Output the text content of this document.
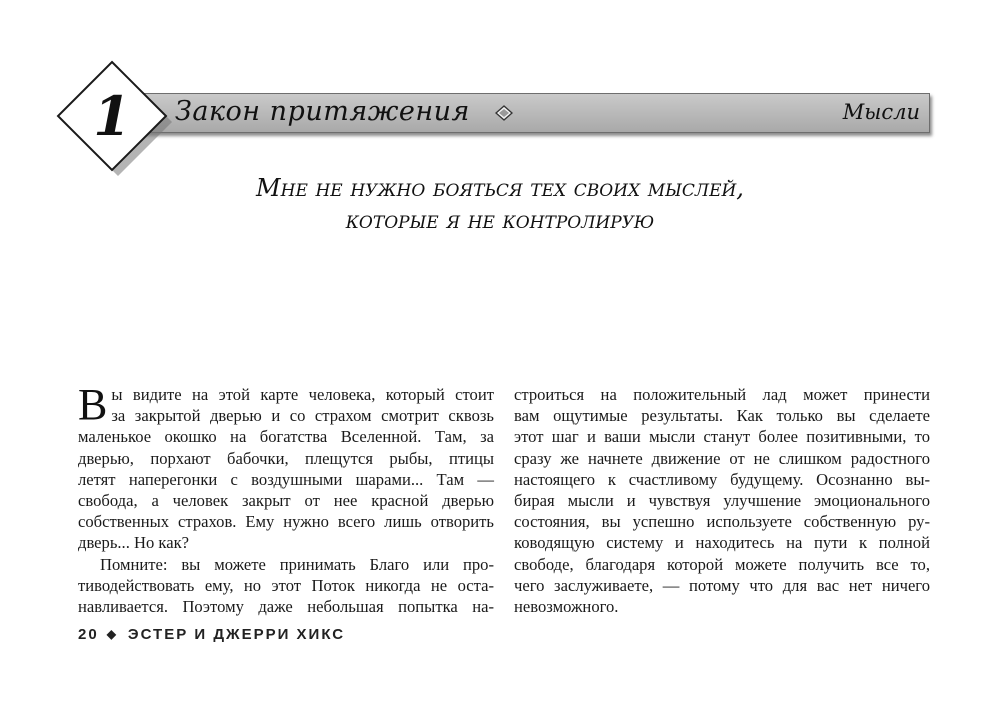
Закон притяжения	Мысли
1
Мне не нужно бояться тех своих мыслей,
которые я не контролирую
В ы видите на этой карте человека, который стоит
за закрытой дверью и со страхом смотрит сквозь
маленькое окошко на богатства Вселенной. Там, за
дверью, порхают бабочки, плещутся рыбы, птицы
летят наперегонки с воздушными шарами... Там —
свобода, а человек закрыт от нее красной дверью
собственных страхов. Ему нужно всего лишь отворить
дверь... Но как?
Помните: вы можете принимать Благо или про-
тиводействовать ему, но этот Поток никогда не оста-
навливается. Поэтому даже небольшая попытка на-
строиться на положительный лад может принести
вам ощутимые результаты. Как только вы сделаете
этот шаг и ваши мысли станут более позитивными, то
сразу же начнете движение от не слишком радостного
настоящего к счастливому будущему. Осознанно вы-
бирая мысли и чувствуя улучшение эмоционального
состояния, вы успешно используете собственную ру-
ководящую систему и находитесь на пути к полной
свободе, благодаря которой можете получить все то,
чего заслуживаете, — потому что для вас нет ничего
невозможного.
20 ◆ ЭСТЕР И ДЖЕРРИ ХИКС
